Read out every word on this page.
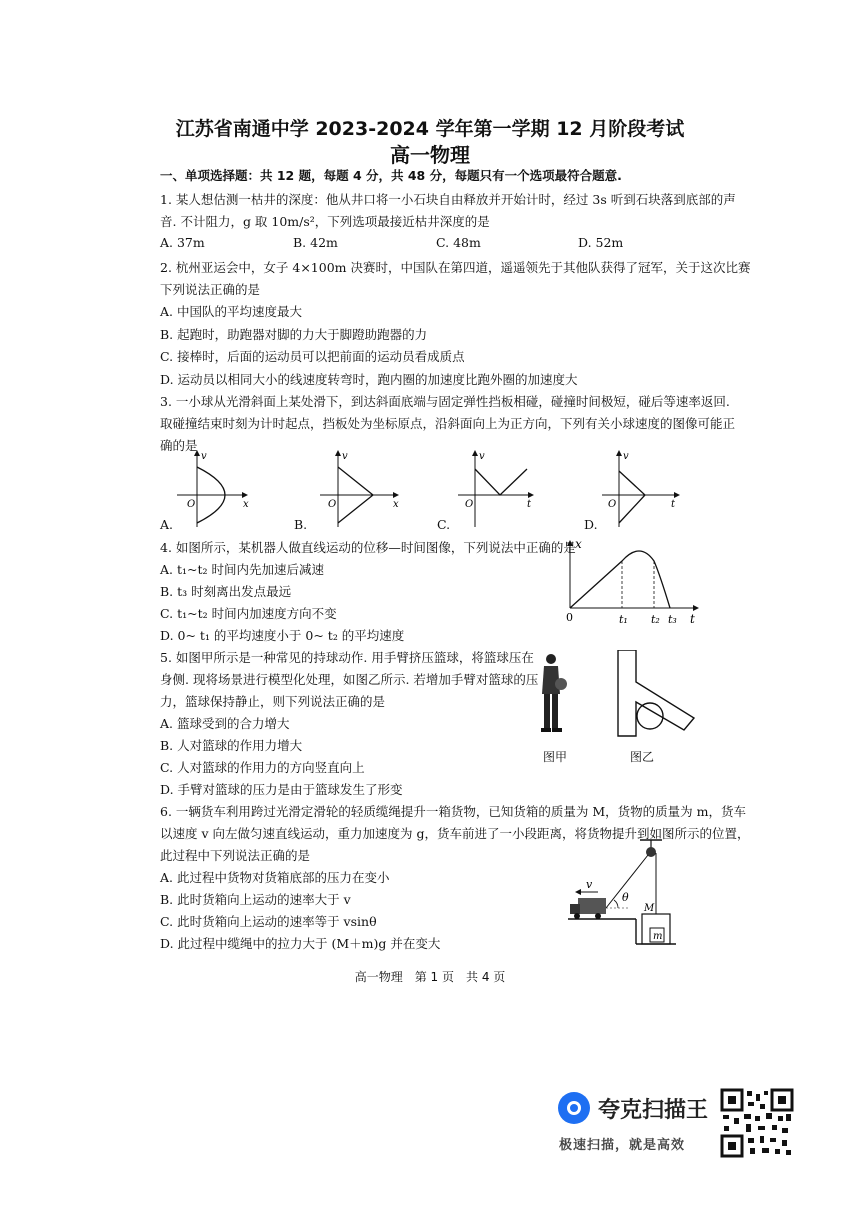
江苏省南通中学 2023-2024 学年第一学期 12 月阶段考试
高一物理
一、单项选择题：共 12 题，每题 4 分，共 48 分，每题只有一个选项最符合题意.
1. 某人想估测一枯井的深度：他从井口将一小石块自由释放并开始计时，经过 3s 听到石块落到底部的声
音. 不计阻力，g 取 10m/s²，下列选项最接近枯井深度的是
A. 37m	B. 42m	C. 48m	D. 52m
2. 杭州亚运会中，女子 4×100m 决赛时，中国队在第四道，遥遥领先于其他队获得了冠军，关于这次比赛
下列说法正确的是
A. 中国队的平均速度最大
B. 起跑时，助跑器对脚的力大于脚蹬助跑器的力
C. 接棒时，后面的运动员可以把前面的运动员看成质点
D. 运动员以相同大小的线速度转弯时，跑内圈的加速度比跑外圈的加速度大
3. 一小球从光滑斜面上某处滑下，到达斜面底端与固定弹性挡板相碰，碰撞时间极短，碰后等速率返回.
取碰撞结束时刻为计时起点，挡板处为坐标原点，沿斜面向上为正方向，下列有关小球速度的图像可能正
确的是
v
O	x
v
O	x
v
O	t
v
O	t
A.	B.	C.	D.
4. 如图所示，某机器人做直线运动的位移—时间图像，下列说法中正确的是
A. t₁~t₂ 时间内先加速后减速
B. t₃ 时刻离出发点最远
C. t₁~t₂ 时间内加速度方向不变
D. 0~ t₁ 的平均速度小于 0~ t₂ 的平均速度
x
0	t₁ t₂ t₃ t
5. 如图甲所示是一种常见的持球动作. 用手臂挤压篮球，将篮球压在
身侧. 现将场景进行模型化处理，如图乙所示. 若增加手臂对篮球的压
力，篮球保持静止，则下列说法正确的是
A. 篮球受到的合力增大
B. 人对篮球的作用力增大
C. 人对篮球的作用力的方向竖直向上
D. 手臂对篮球的压力是由于篮球发生了形变
图甲	图乙
6. 一辆货车利用跨过光滑定滑轮的轻质缆绳提升一箱货物，已知货箱的质量为 M，货物的质量为 m，货车
以速度 v 向左做匀速直线运动，重力加速度为 g，货车前进了一小段距离，将货物提升到如图所示的位置，
此过程中下列说法正确的是
A. 此过程中货物对货箱底部的压力在变小
B. 此时货箱向上运动的速率大于 v
C. 此时货箱向上运动的速率等于 vsinθ
D. 此过程中缆绳中的拉力大于 (M＋m)g 并在变大
v
θ
M
m
高一物理　第 1 页　共 4 页
夸克扫描王
极速扫描，就是高效
